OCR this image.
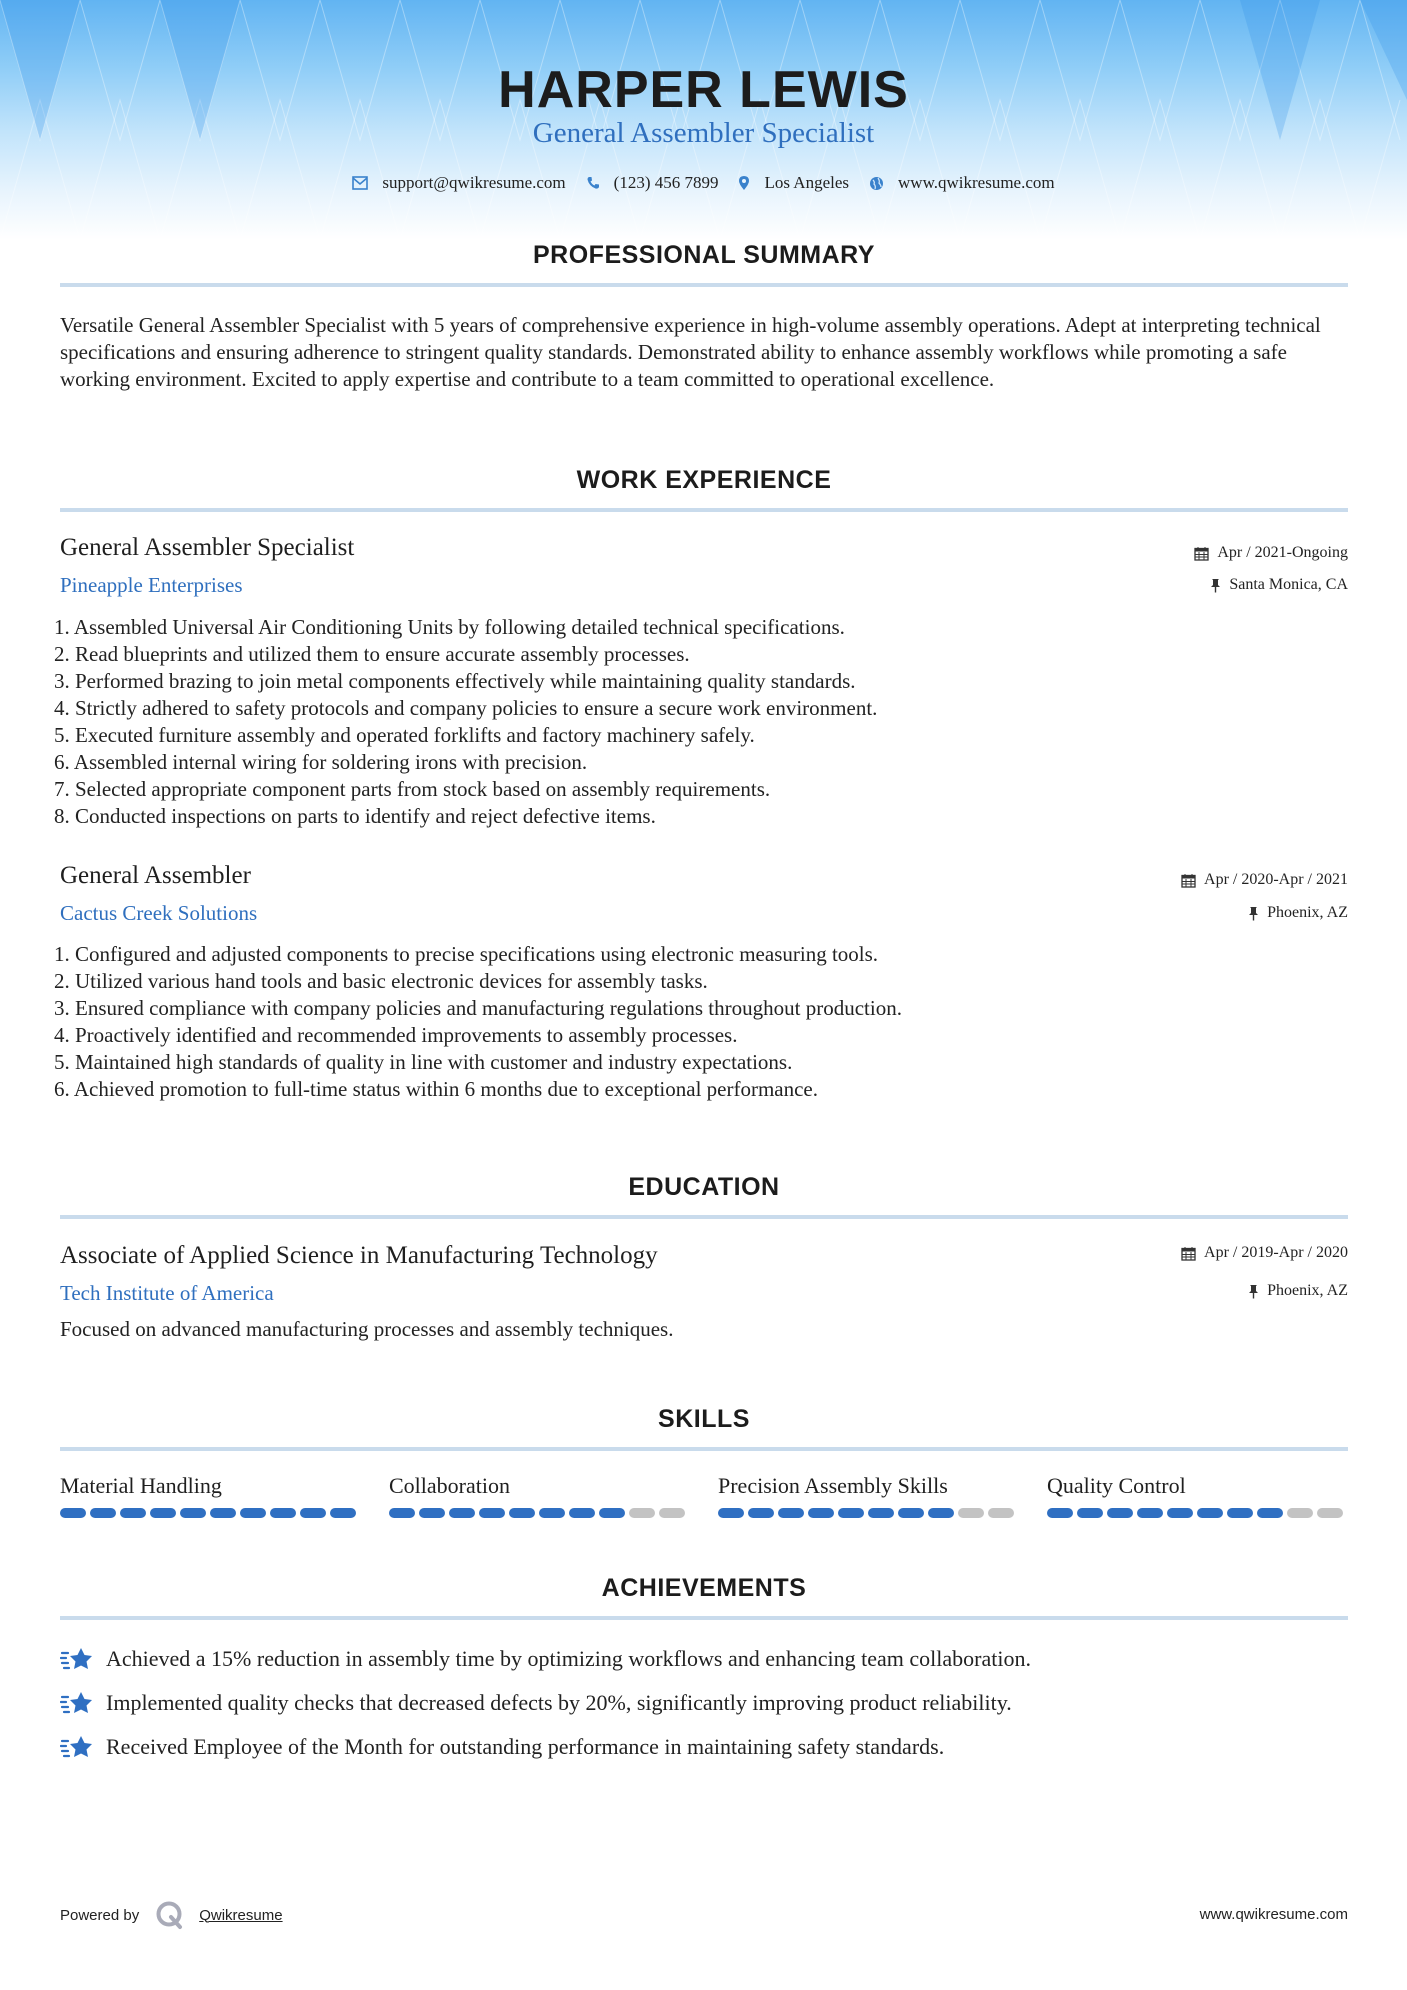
HARPER LEWIS
General Assembler Specialist
support@qwikresume.com	(123) 456 7899	Los Angeles	www.qwikresume.com
PROFESSIONAL SUMMARY
Versatile General Assembler Specialist with 5 years of comprehensive experience in high-volume assembly operations. Adept at interpreting technical specifications and ensuring adherence to stringent quality standards. Demonstrated ability to enhance assembly workflows while promoting a safe working environment. Excited to apply expertise and contribute to a team committed to operational excellence.
WORK EXPERIENCE
General Assembler Specialist
Pineapple Enterprises
Apr / 2021-Ongoing
Santa Monica, CA
1. Assembled Universal Air Conditioning Units by following detailed technical specifications.
2. Read blueprints and utilized them to ensure accurate assembly processes.
3. Performed brazing to join metal components effectively while maintaining quality standards.
4. Strictly adhered to safety protocols and company policies to ensure a secure work environment.
5. Executed furniture assembly and operated forklifts and factory machinery safely.
6. Assembled internal wiring for soldering irons with precision.
7. Selected appropriate component parts from stock based on assembly requirements.
8. Conducted inspections on parts to identify and reject defective items.
General Assembler
Cactus Creek Solutions
Apr / 2020-Apr / 2021
Phoenix, AZ
1. Configured and adjusted components to precise specifications using electronic measuring tools.
2. Utilized various hand tools and basic electronic devices for assembly tasks.
3. Ensured compliance with company policies and manufacturing regulations throughout production.
4. Proactively identified and recommended improvements to assembly processes.
5. Maintained high standards of quality in line with customer and industry expectations.
6. Achieved promotion to full-time status within 6 months due to exceptional performance.
EDUCATION
Associate of Applied Science in Manufacturing Technology
Tech Institute of America
Apr / 2019-Apr / 2020
Phoenix, AZ
Focused on advanced manufacturing processes and assembly techniques.
SKILLS
Material Handling	Collaboration	Precision Assembly Skills	Quality Control
ACHIEVEMENTS
Achieved a 15% reduction in assembly time by optimizing workflows and enhancing team collaboration.
Implemented quality checks that decreased defects by 20%, significantly improving product reliability.
Received Employee of the Month for outstanding performance in maintaining safety standards.
Powered by	Qwikresume	www.qwikresume.com
